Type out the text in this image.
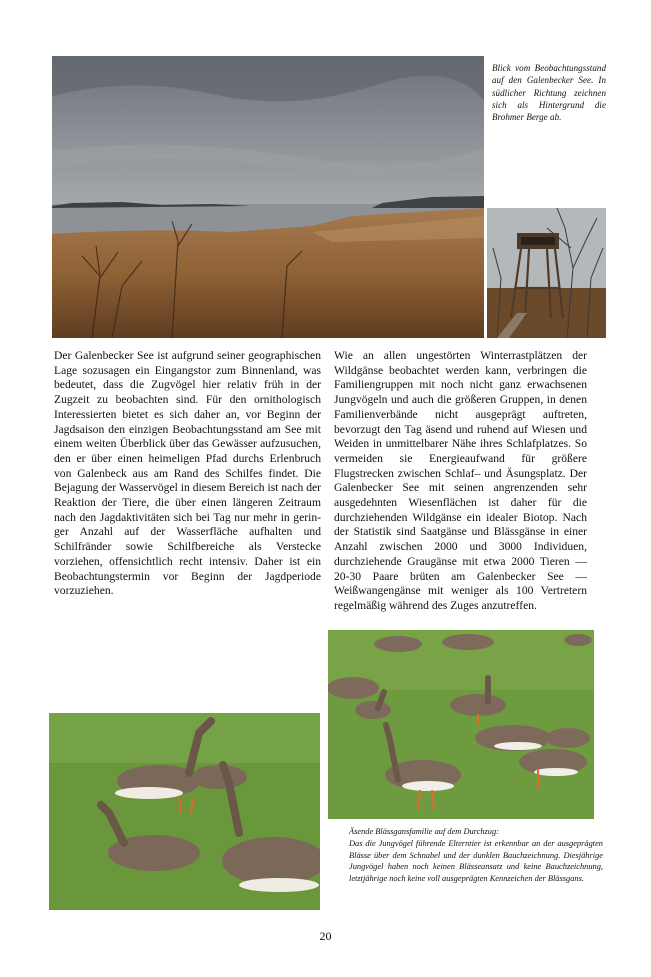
Blick vom Beobachtungsstand auf den Galenbecker See. In südlicher Richtung zeichnen sich als Hintergrund die Brohmer Berge ab.
Der Galenbecker See ist aufgrund seiner geographischen Lage sozusagen ein Eingangstor zum Binnenland, was bedeutet, dass die Zugvögel hier relativ früh in der Zugzeit zu beobachten sind. Für den ornithologisch Interessierten bietet es sich daher an, vor Beginn der Jagdsaison den einzigen Beobachtungsstand am See mit einem weiten Überblick über das Gewässer aufzusuchen, den er über einen heimeligen Pfad durchs Erlenbruch von Galenbeck aus am Rand des Schilfes findet. Die Bejagung der Wasservögel in diesem Bereich ist nach der Reaktion der Tiere, die über einen längeren Zeitraum nach den Jagdaktivitäten sich bei Tag nur mehr in geringer Anzahl auf der Wasserfläche aufhalten und Schilfränder sowie Schilfbereiche als Verstecke vorziehen, offensichtlich recht intensiv. Daher ist ein Beobachtungstermin vor Beginn der Jagdperiode vorzuziehen.
Wie an allen ungestörten Winterrastplätzen der Wildgänse beobachtet werden kann, verbringen die Familiengruppen mit noch nicht ganz erwachsenen Jungvögeln und auch die größeren Gruppen, in denen Familienverbände nicht ausgeprägt auftreten, bevorzugt den Tag äsend und ruhend auf Wiesen und Weiden in unmittelbarer Nähe ihres Schlafplatzes. So vermeiden sie Energieaufwand für größere Flugstrecken zwischen Schlaf– und Äsungsplatz. Der Galenbecker See mit seinen angrenzenden sehr ausgedehnten Wiesenflächen ist daher für die durchziehenden Wildgänse ein idealer Biotop. Nach der Statistik sind Saatgänse und Blässgänse in einer Anzahl zwischen 2000 und 3000 Individuen, durchziehende Graugänse mit etwa 2000 Tieren — 20-30 Paare brüten am Galenbecker See — Weißwangengänse mit weniger als 100 Vertretern regelmäßig während des Zuges anzutreffen.
Äsende Blässgansfamilie auf dem Durchzug:
Das die Jungvögel führende Elterntier ist erkennbar an der ausgeprägten Blässe über dem Schnabel und der dunklen Bauchzeichnung. Diesjährige Jungvögel haben noch keinen Blässeansatz und keine Bauchzeichnung, letztjährige noch keine voll ausgeprägten Kennzeichen der Blässgans.
20
